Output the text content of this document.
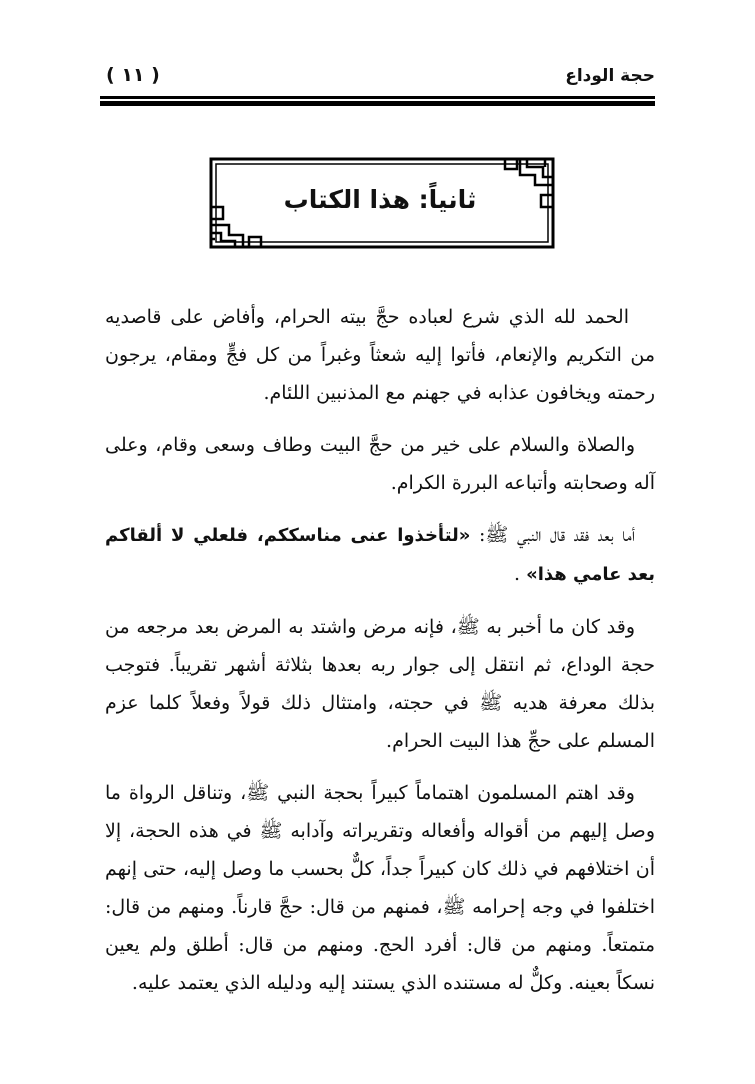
حجة الوداع
( ١١ )
ثانياً: هذا الكتاب

الحمد لله الذي شرع لعباده حجَّ بيته الحرام، وأفاض على قاصديه من التكريم والإنعام، فأتوا إليه شعثاً وغبراً من كل فجٍّ ومقام، يرجون رحمته ويخافون عذابه في جهنم مع المذنبين اللئام.

والصلاة والسلام على خير من حجَّ البيت وطاف وسعى وقام، وعلى آله وصحابته وأتباعه البررة الكرام.

أما بعد فقد قال النبي ﷺ: «لتأخذوا عنى مناسككم، فلعلي لا ألقاكم بعد عامي هذا» .

وقد كان ما أخبر به ﷺ، فإنه مرض واشتد به المرض بعد مرجعه من حجة الوداع، ثم انتقل إلى جوار ربه بعدها بثلاثة أشهر تقريباً. فتوجب بذلك معرفة هديه ﷺ في حجته، وامتثال ذلك قولاً وفعلاً كلما عزم المسلم على حجِّ هذا البيت الحرام.

وقد اهتم المسلمون اهتماماً كبيراً بحجة النبي ﷺ، وتناقل الرواة ما وصل إليهم من أقواله وأفعاله وتقريراته وآدابه ﷺ في هذه الحجة، إلا أن اختلافهم في ذلك كان كبيراً جداً، كلٌّ بحسب ما وصل إليه، حتى إنهم اختلفوا في وجه إحرامه ﷺ، فمنهم من قال: حجَّ قارناً. ومنهم من قال: متمتعاً. ومنهم من قال: أفرد الحج. ومنهم من قال: أطلق ولم يعين نسكاً بعينه. وكلٌّ له مستنده الذي يستند إليه ودليله الذي يعتمد عليه.
